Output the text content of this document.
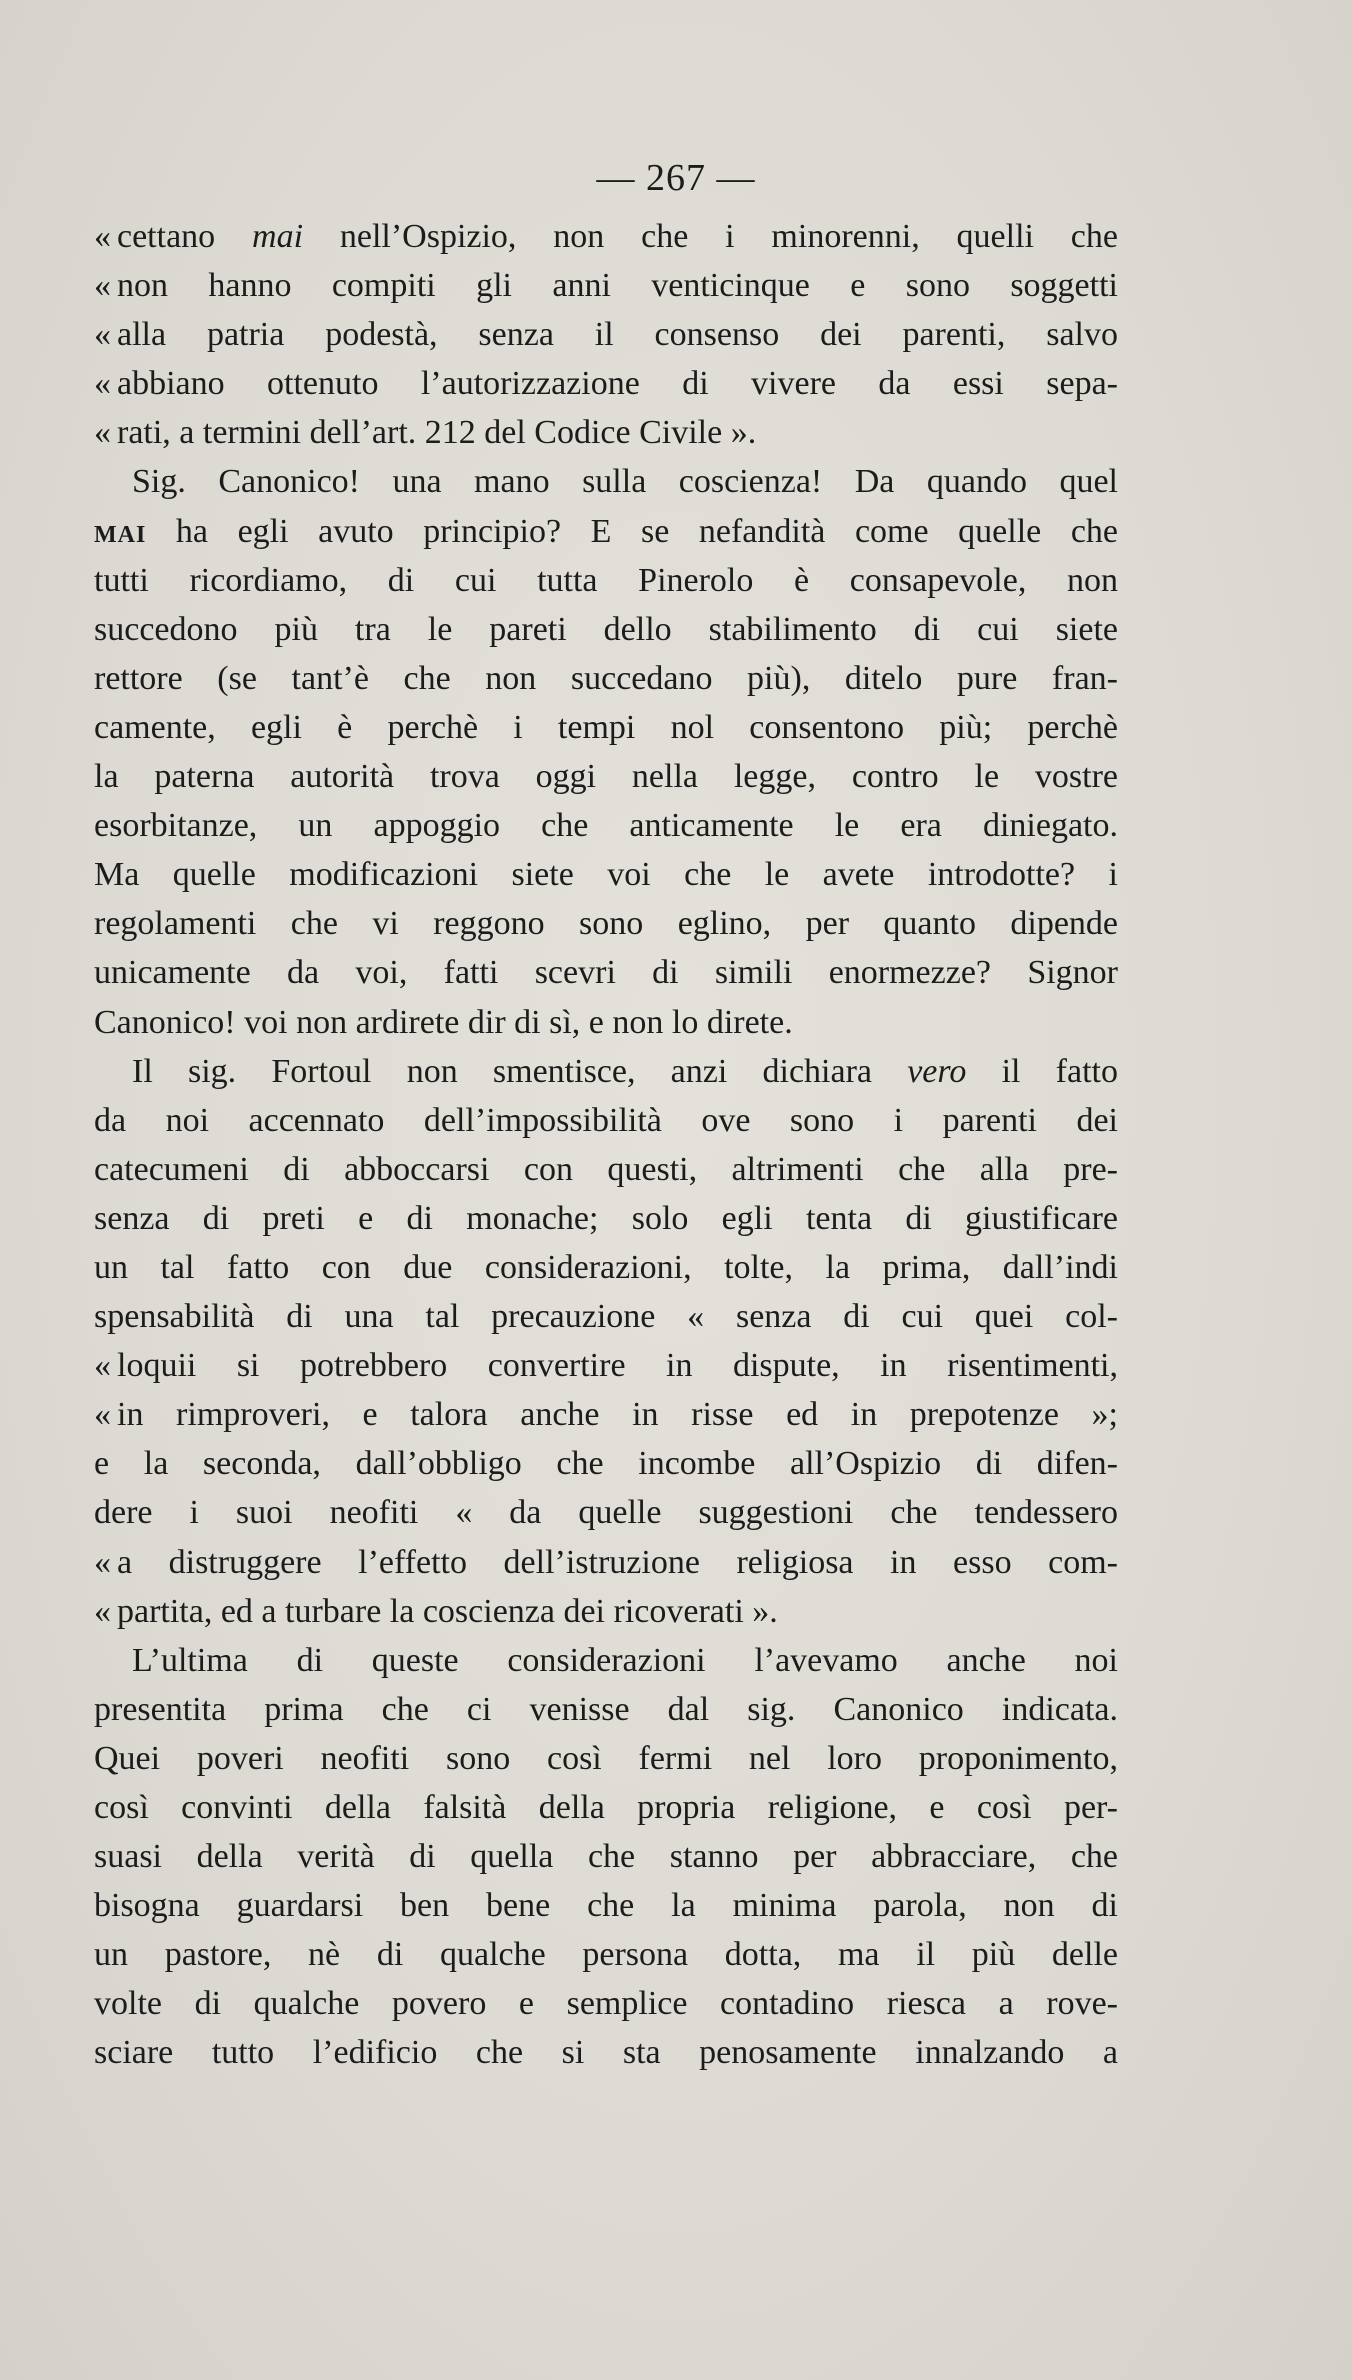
— 267 —

« cettano mai nell’Ospizio, non che i minorenni, quelli che
« non hanno compiti gli anni venticinque e sono soggetti
« alla patria podestà, senza il consenso dei parenti, salvo
« abbiano ottenuto l’autorizzazione di vivere da essi sepa-
« rati, a termini dell’art. 212 del Codice Civile ».
Sig. Canonico! una mano sulla coscienza! Da quando quel
MAI ha egli avuto principio? E se nefandità come quelle che
tutti ricordiamo, di cui tutta Pinerolo è consapevole, non
succedono più tra le pareti dello stabilimento di cui siete
rettore (se tant’è che non succedano più), ditelo pure fran-
camente, egli è perchè i tempi nol consentono più; perchè
la paterna autorità trova oggi nella legge, contro le vostre
esorbitanze, un appoggio che anticamente le era diniegato.
Ma quelle modificazioni siete voi che le avete introdotte? i
regolamenti che vi reggono sono eglino, per quanto dipende
unicamente da voi, fatti scevri di simili enormezze? Signor
Canonico! voi non ardirete dir di sì, e non lo direte.
Il sig. Fortoul non smentisce, anzi dichiara vero il fatto
da noi accennato dell’impossibilità ove sono i parenti dei
catecumeni di abboccarsi con questi, altrimenti che alla pre-
senza di preti e di monache; solo egli tenta di giustificare
un tal fatto con due considerazioni, tolte, la prima, dall’indi
spensabilità di una tal precauzione « senza di cui quei col-
« loquii si potrebbero convertire in dispute, in risentimenti,
« in rimproveri, e talora anche in risse ed in prepotenze »;
e la seconda, dall’obbligo che incombe all’Ospizio di difen-
dere i suoi neofiti « da quelle suggestioni che tendessero
« a distruggere l’effetto dell’istruzione religiosa in esso com-
« partita, ed a turbare la coscienza dei ricoverati ».
L’ultima di queste considerazioni l’avevamo anche noi
presentita prima che ci venisse dal sig. Canonico indicata.
Quei poveri neofiti sono così fermi nel loro proponimento,
così convinti della falsità della propria religione, e così per-
suasi della verità di quella che stanno per abbracciare, che
bisogna guardarsi ben bene che la minima parola, non di
un pastore, nè di qualche persona dotta, ma il più delle
volte di qualche povero e semplice contadino riesca a rove-
sciare tutto l’edificio che si sta penosamente innalzando a
